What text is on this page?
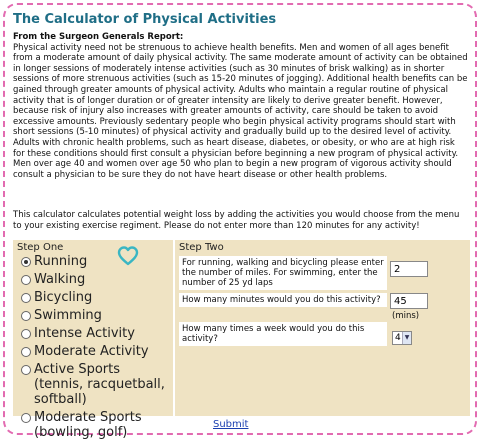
The Calculator of Physical Activities
From the Surgeon Generals Report:

Physical activity need not be strenuous to achieve health benefits. Men and women of all ages benefit from a moderate amount of daily physical activity. The same moderate amount of activity can be obtained in longer sessions of moderately intense activities (such as 30 minutes of brisk walking) as in shorter sessions of more strenuous activities (such as 15-20 minutes of jogging). Additional health benefits can be gained through greater amounts of physical activity. Adults who maintain a regular routine of physical activity that is of longer duration or of greater intensity are likely to derive greater benefit. However, because risk of injury also increases with greater amounts of activity, care should be taken to avoid excessive amounts. Previously sedentary people who begin physical activity programs should start with short sessions (5-10 minutes) of physical activity and gradually build up to the desired level of activity. Adults with chronic health problems, such as heart disease, diabetes, or obesity, or who are at high risk for these conditions should first consult a physician before beginning a new program of physical activity. Men over age 40 and women over age 50 who plan to begin a new program of vigorous activity should consult a physician to be sure they do not have heart disease or other health problems.

This calculator calculates potential weight loss by adding the activities you would choose from the menu to your existing exercise regiment. Please do not enter more than 120 minutes for any activity!

Step One
Running
Walking
Bicycling
Swimming
Intense Activity
Moderate Activity
Active Sports (tennis, racquetball, softball)
Moderate Sports (bowling, golf)
Step Two
For running, walking and bicycling please enter the number of miles. For swimming, enter the number of 25 yd laps
2
How many minutes would you do this activity?
45
(mins)
How many times a week would you do this activity?	4 ▼
Submit
